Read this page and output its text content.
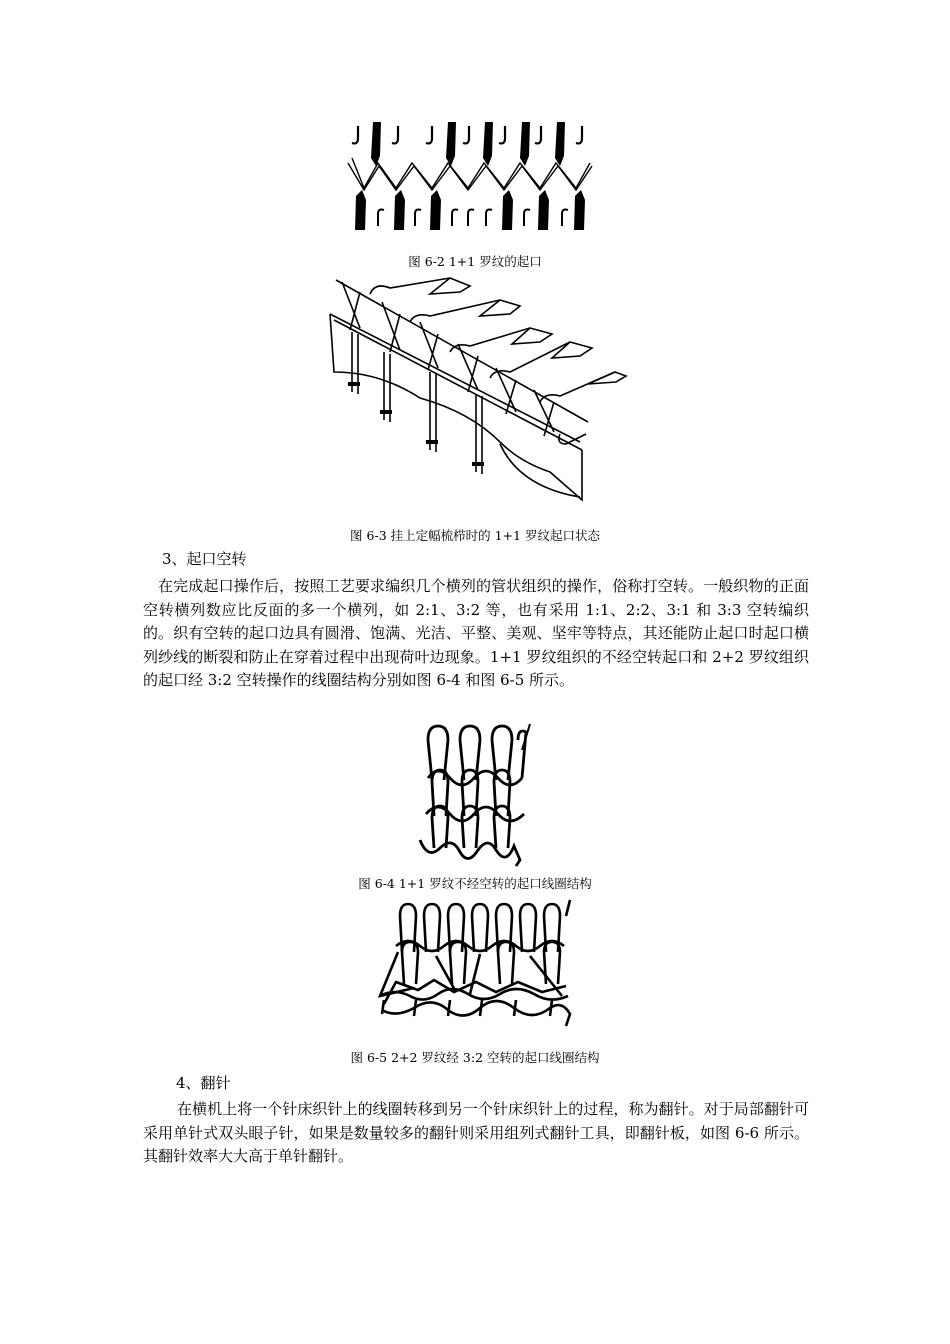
图 6-2 1+1 罗纹的起口
图 6-3 挂上定幅梳栉时的 1+1 罗纹起口状态
3、起口空转

在完成起口操作后，按照工艺要求编织几个横列的管状组织的操作，俗称打空转。一般织物的正面空转横列数应比反面的多一个横列，如 2:1、3:2 等，也有采用 1:1、2:2、3:1 和 3:3 空转编织的。织有空转的起口边具有圆滑、饱满、光洁、平整、美观、坚牢等特点，其还能防止起口时起口横列纱线的断裂和防止在穿着过程中出现荷叶边现象。1+1 罗纹组织的不经空转起口和 2+2 罗纹组织的起口经 3:2 空转操作的线圈结构分别如图 6-4 和图 6-5 所示。

图 6-4 1+1 罗纹不经空转的起口线圈结构
图 6-5 2+2 罗纹经 3:2 空转的起口线圈结构
4、翻针

在横机上将一个针床织针上的线圈转移到另一个针床织针上的过程，称为翻针。对于局部翻针可采用单针式双头眼子针，如果是数量较多的翻针则采用组列式翻针工具，即翻针板，如图 6-6 所示。其翻针效率大大高于单针翻针。
